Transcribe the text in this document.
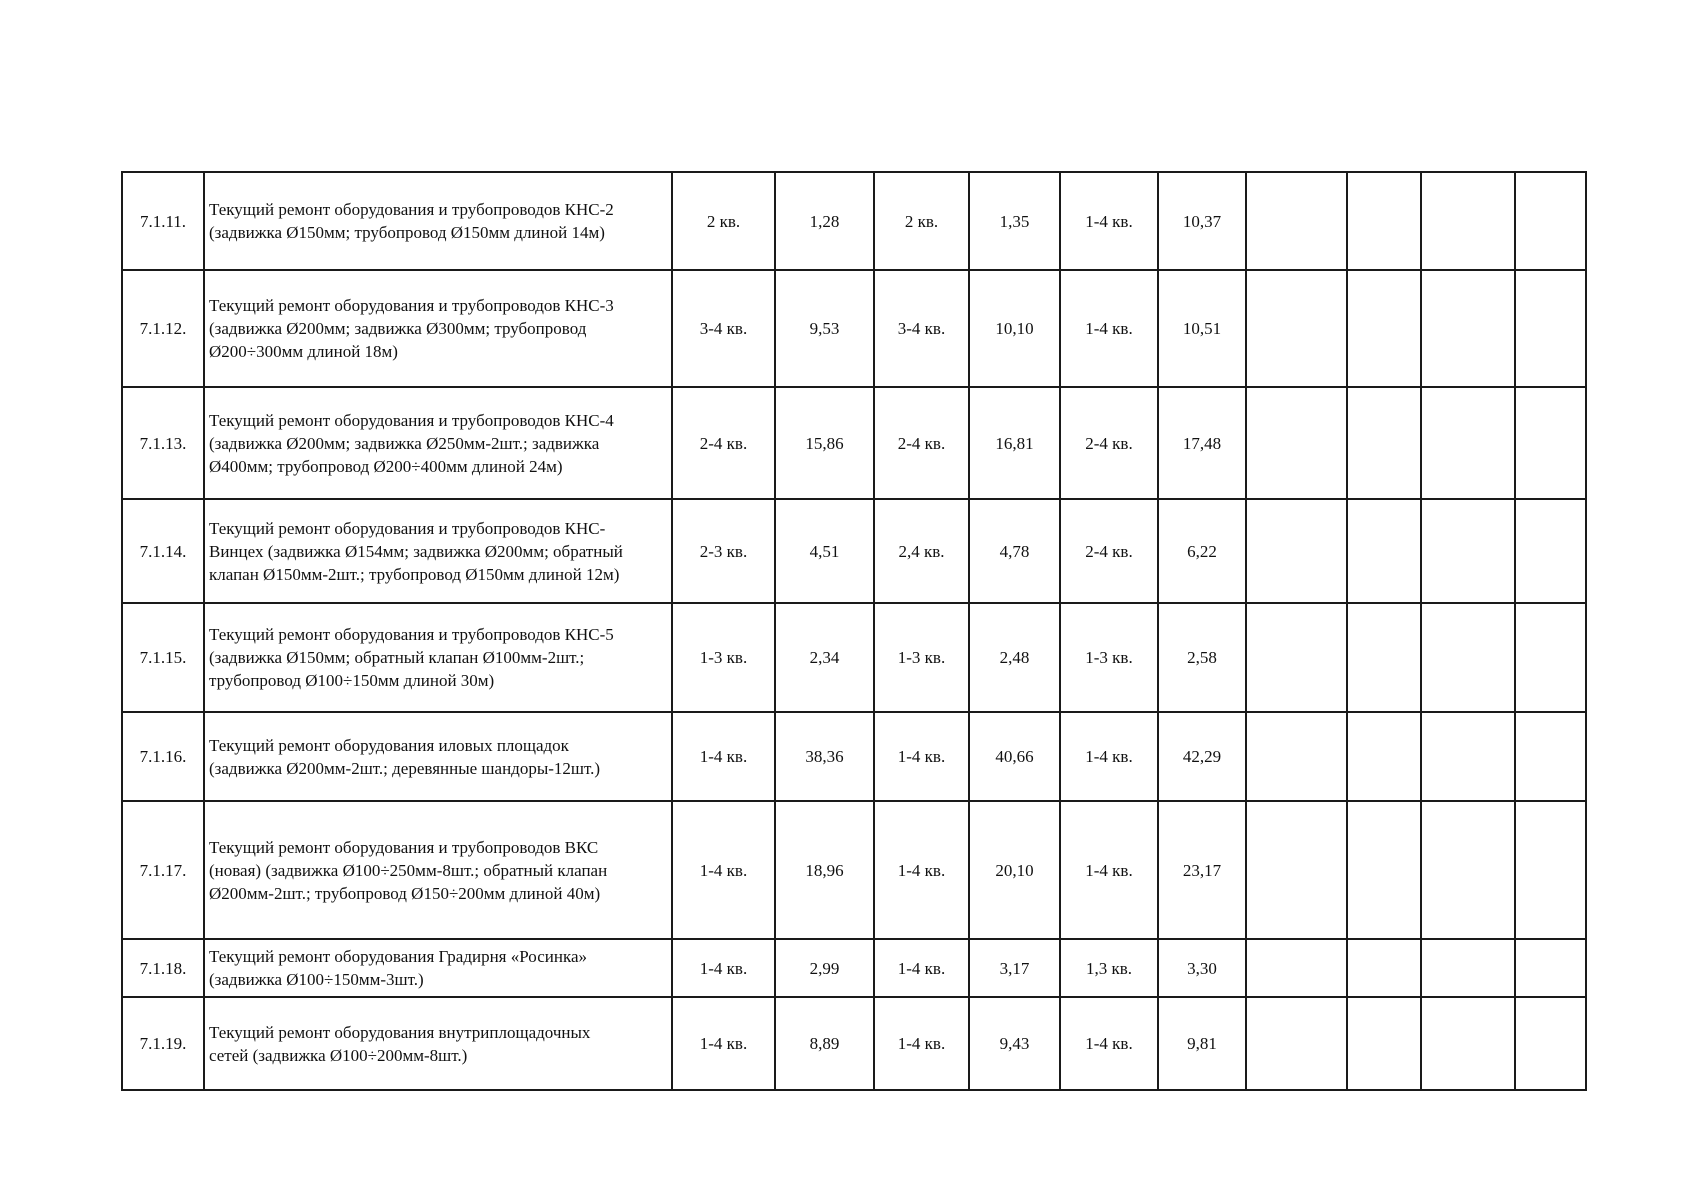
7.1.11.	Текущий ремонт оборудования и трубопроводов КНС-2
(задвижка Ø150мм; трубопровод Ø150мм длиной 14м)	2 кв.	1,28	2 кв.	1,35	1-4 кв.	10,37				
7.1.12.	Текущий ремонт оборудования и трубопроводов КНС-3
(задвижка Ø200мм; задвижка Ø300мм; трубопровод
Ø200÷300мм длиной 18м)	3-4 кв.	9,53	3-4 кв.	10,10	1-4 кв.	10,51				
7.1.13.	Текущий ремонт оборудования и трубопроводов КНС-4
(задвижка Ø200мм; задвижка Ø250мм-2шт.; задвижка
Ø400мм; трубопровод Ø200÷400мм длиной 24м)	2-4 кв.	15,86	2-4 кв.	16,81	2-4 кв.	17,48				
7.1.14.	Текущий ремонт оборудования и трубопроводов КНС-
Винцех (задвижка Ø154мм; задвижка Ø200мм; обратный
клапан Ø150мм-2шт.; трубопровод Ø150мм длиной 12м)	2-3 кв.	4,51	2,4 кв.	4,78	2-4 кв.	6,22				
7.1.15.	Текущий ремонт оборудования и трубопроводов КНС-5
(задвижка Ø150мм; обратный клапан Ø100мм-2шт.;
трубопровод Ø100÷150мм длиной 30м)	1-3 кв.	2,34	1-3 кв.	2,48	1-3 кв.	2,58				
7.1.16.	Текущий ремонт оборудования иловых площадок
(задвижка Ø200мм-2шт.; деревянные шандоры-12шт.)	1-4 кв.	38,36	1-4 кв.	40,66	1-4 кв.	42,29				
7.1.17.	Текущий ремонт оборудования и трубопроводов ВКС
(новая) (задвижка Ø100÷250мм-8шт.; обратный клапан
Ø200мм-2шт.; трубопровод Ø150÷200мм длиной 40м)	1-4 кв.	18,96	1-4 кв.	20,10	1-4 кв.	23,17				
7.1.18.	Текущий ремонт оборудования Градирня «Росинка»
(задвижка Ø100÷150мм-3шт.)	1-4 кв.	2,99	1-4 кв.	3,17	1,3 кв.	3,30				
7.1.19.	Текущий ремонт оборудования внутриплощадочных
сетей (задвижка Ø100÷200мм-8шт.)	1-4 кв.	8,89	1-4 кв.	9,43	1-4 кв.	9,81				
